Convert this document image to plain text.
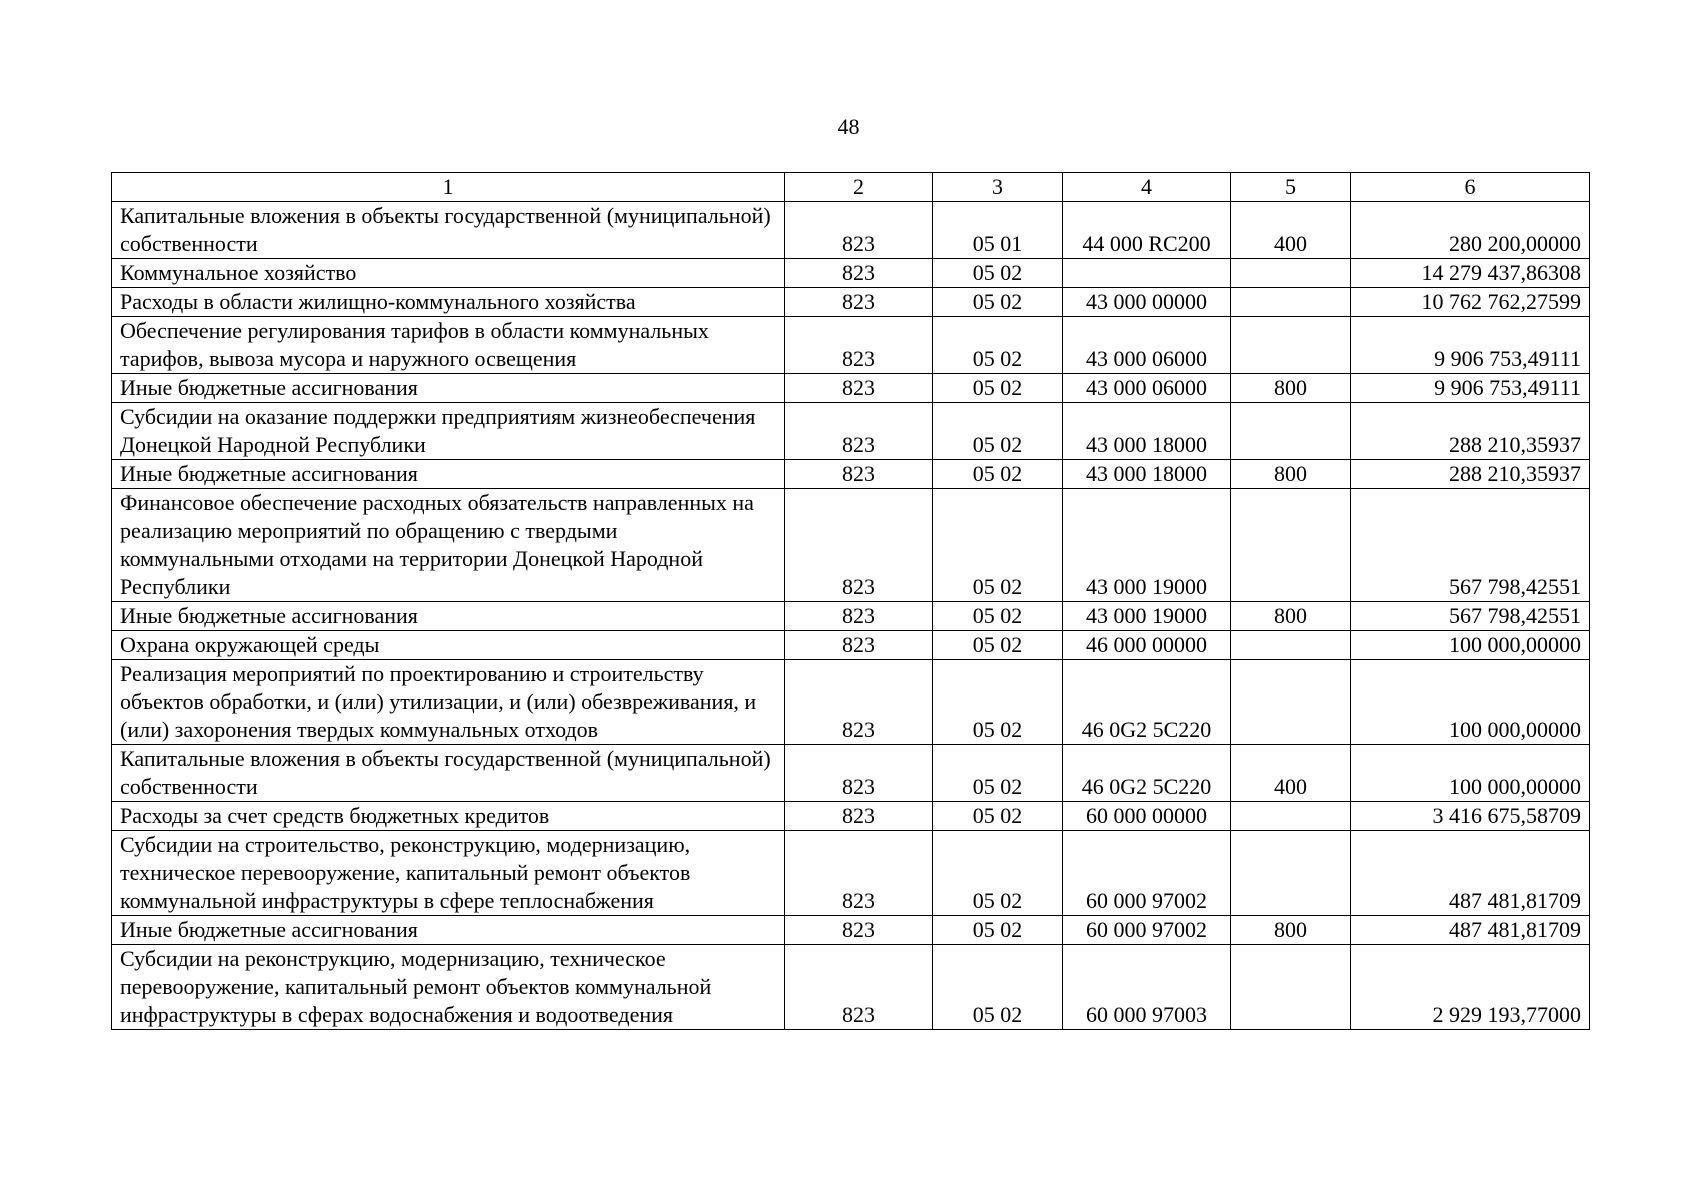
48
1	2	3	4	5	6
Капитальные вложения в объекты государственной (муниципальной) собственности	823	05 01	44 000 RC200	400	280 200,00000
Коммунальное хозяйство	823	05 02			14 279 437,86308
Расходы в области жилищно-коммунального хозяйства	823	05 02	43 000 00000		10 762 762,27599
Обеспечение регулирования тарифов в области коммунальных тарифов, вывоза мусора и наружного освещения	823	05 02	43 000 06000		9 906 753,49111
Иные бюджетные ассигнования	823	05 02	43 000 06000	800	9 906 753,49111
Субсидии на оказание поддержки предприятиям жизнеобеспечения Донецкой Народной Республики	823	05 02	43 000 18000		288 210,35937
Иные бюджетные ассигнования	823	05 02	43 000 18000	800	288 210,35937
Финансовое обеспечение расходных обязательств направленных на реализацию мероприятий по обращению с твердыми коммунальными отходами на территории Донецкой Народной Республики	823	05 02	43 000 19000		567 798,42551
Иные бюджетные ассигнования	823	05 02	43 000 19000	800	567 798,42551
Охрана окружающей среды	823	05 02	46 000 00000		100 000,00000
Реализация мероприятий по проектированию и строительству объектов обработки, и (или) утилизации, и (или) обезвреживания, и (или) захоронения твердых коммунальных отходов	823	05 02	46 0G2 5C220		100 000,00000
Капитальные вложения в объекты государственной (муниципальной) собственности	823	05 02	46 0G2 5C220	400	100 000,00000
Расходы за счет средств бюджетных кредитов	823	05 02	60 000 00000		3 416 675,58709
Субсидии на строительство, реконструкцию, модернизацию, техническое перевооружение, капитальный ремонт объектов коммунальной инфраструктуры в сфере теплоснабжения	823	05 02	60 000 97002		487 481,81709
Иные бюджетные ассигнования	823	05 02	60 000 97002	800	487 481,81709
Субсидии на реконструкцию, модернизацию, техническое перевооружение, капитальный ремонт объектов коммунальной инфраструктуры в сферах водоснабжения и водоотведения	823	05 02	60 000 97003		2 929 193,77000
